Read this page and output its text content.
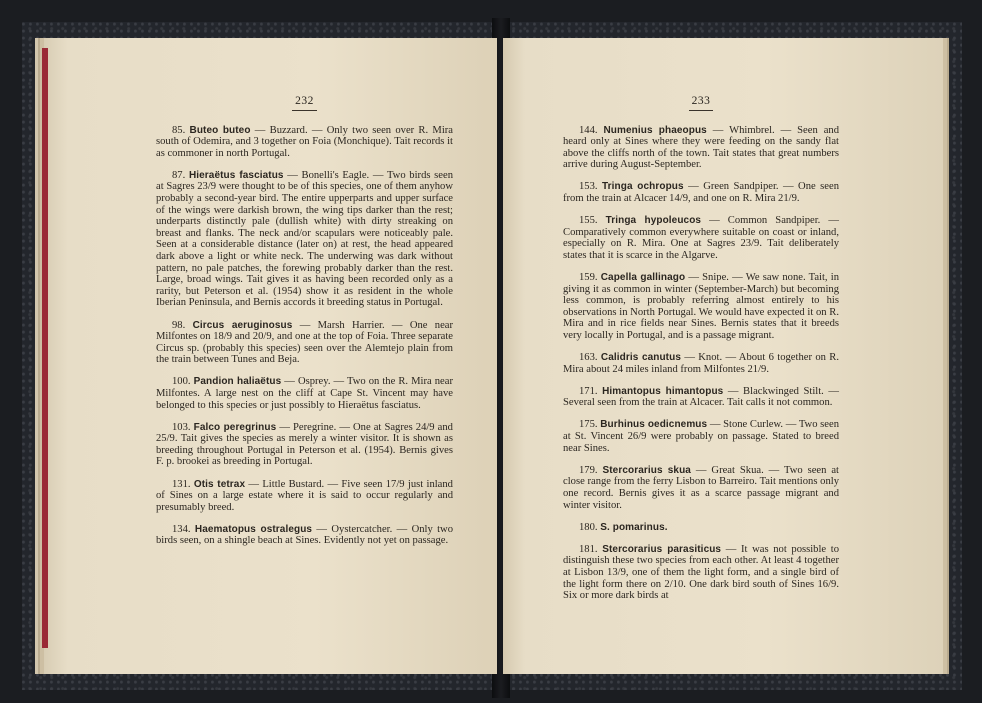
232

85. Buteo buteo — Buzzard. — Only two seen over R. Mira south of Odemira, and 3 together on Foia (Monchique). Tait records it as commoner in north Portugal.

87. Hieraëtus fasciatus — Bonelli's Eagle. — Two birds seen at Sagres 23/9 were thought to be of this species, one of them anyhow probably a second-year bird. The entire upperparts and upper surface of the wings were darkish brown, the wing tips darker than the rest; underparts distinctly pale (dullish white) with dirty streaking on breast and flanks. The neck and/or scapulars were noticeably pale. Seen at a considerable distance (later on) at rest, the head appeared dark above a light or white neck. The underwing was dark without pattern, no pale patches, the forewing probably darker than the rest. Large, broad wings. Tait gives it as having been recorded only as a rarity, but Peterson et al. (1954) show it as resident in the whole Iberian Peninsula, and Bernis accords it breeding status in Portugal.

98. Circus aeruginosus — Marsh Harrier. — One near Milfontes on 18/9 and 20/9, and one at the top of Foia. Three separate Circus sp. (probably this species) seen over the Alemtejo plain from the train between Tunes and Beja.

100. Pandion haliaëtus — Osprey. — Two on the R. Mira near Milfontes. A large nest on the cliff at Cape St. Vincent may have belonged to this species or just possibly to Hieraëtus fasciatus.

103. Falco peregrinus — Peregrine. — One at Sagres 24/9 and 25/9. Tait gives the species as merely a winter visitor. It is shown as breeding throughout Portugal in Peterson et al. (1954). Bernis gives F. p. brookei as breeding in Portugal.

131. Otis tetrax — Little Bustard. — Five seen 17/9 just inland of Sines on a large estate where it is said to occur regularly and presumably breed.

134. Haematopus ostralegus — Oystercatcher. — Only two birds seen, on a shingle beach at Sines. Evidently not yet on passage.

233

144. Numenius phaeopus — Whimbrel. — Seen and heard only at Sines where they were feeding on the sandy flat above the cliffs north of the town. Tait states that great numbers arrive during August-September.

153. Tringa ochropus — Green Sandpiper. — One seen from the train at Alcacer 14/9, and one on R. Mira 21/9.

155. Tringa hypoleucos — Common Sandpiper. — Comparatively common everywhere suitable on coast or inland, especially on R. Mira. One at Sagres 23/9. Tait deliberately states that it is scarce in the Algarve.

159. Capella gallinago — Snipe. — We saw none. Tait, in giving it as common in winter (September-March) but becoming less common, is probably referring almost entirely to his observations in North Portugal. We would have expected it on R. Mira and in rice fields near Sines. Bernis states that it breeds very locally in Portugal, and is a passage migrant.

163. Calidris canutus — Knot. — About 6 together on R. Mira about 24 miles inland from Milfontes 21/9.

171. Himantopus himantopus — Blackwinged Stilt. — Several seen from the train at Alcacer. Tait calls it not common.

175. Burhinus oedicnemus — Stone Curlew. — Two seen at St. Vincent 26/9 were probably on passage. Stated to breed near Sines.

179. Stercorarius skua — Great Skua. — Two seen at close range from the ferry Lisbon to Barreiro. Tait mentions only one record. Bernis gives it as a scarce passage migrant and winter visitor.

180. S. pomarinus.

181. Stercorarius parasiticus — It was not possible to distinguish these two species from each other. At least 4 together at Lisbon 13/9, one of them the light form, and a single bird of the light form there on 2/10. One dark bird south of Sines 16/9. Six or more dark birds at
